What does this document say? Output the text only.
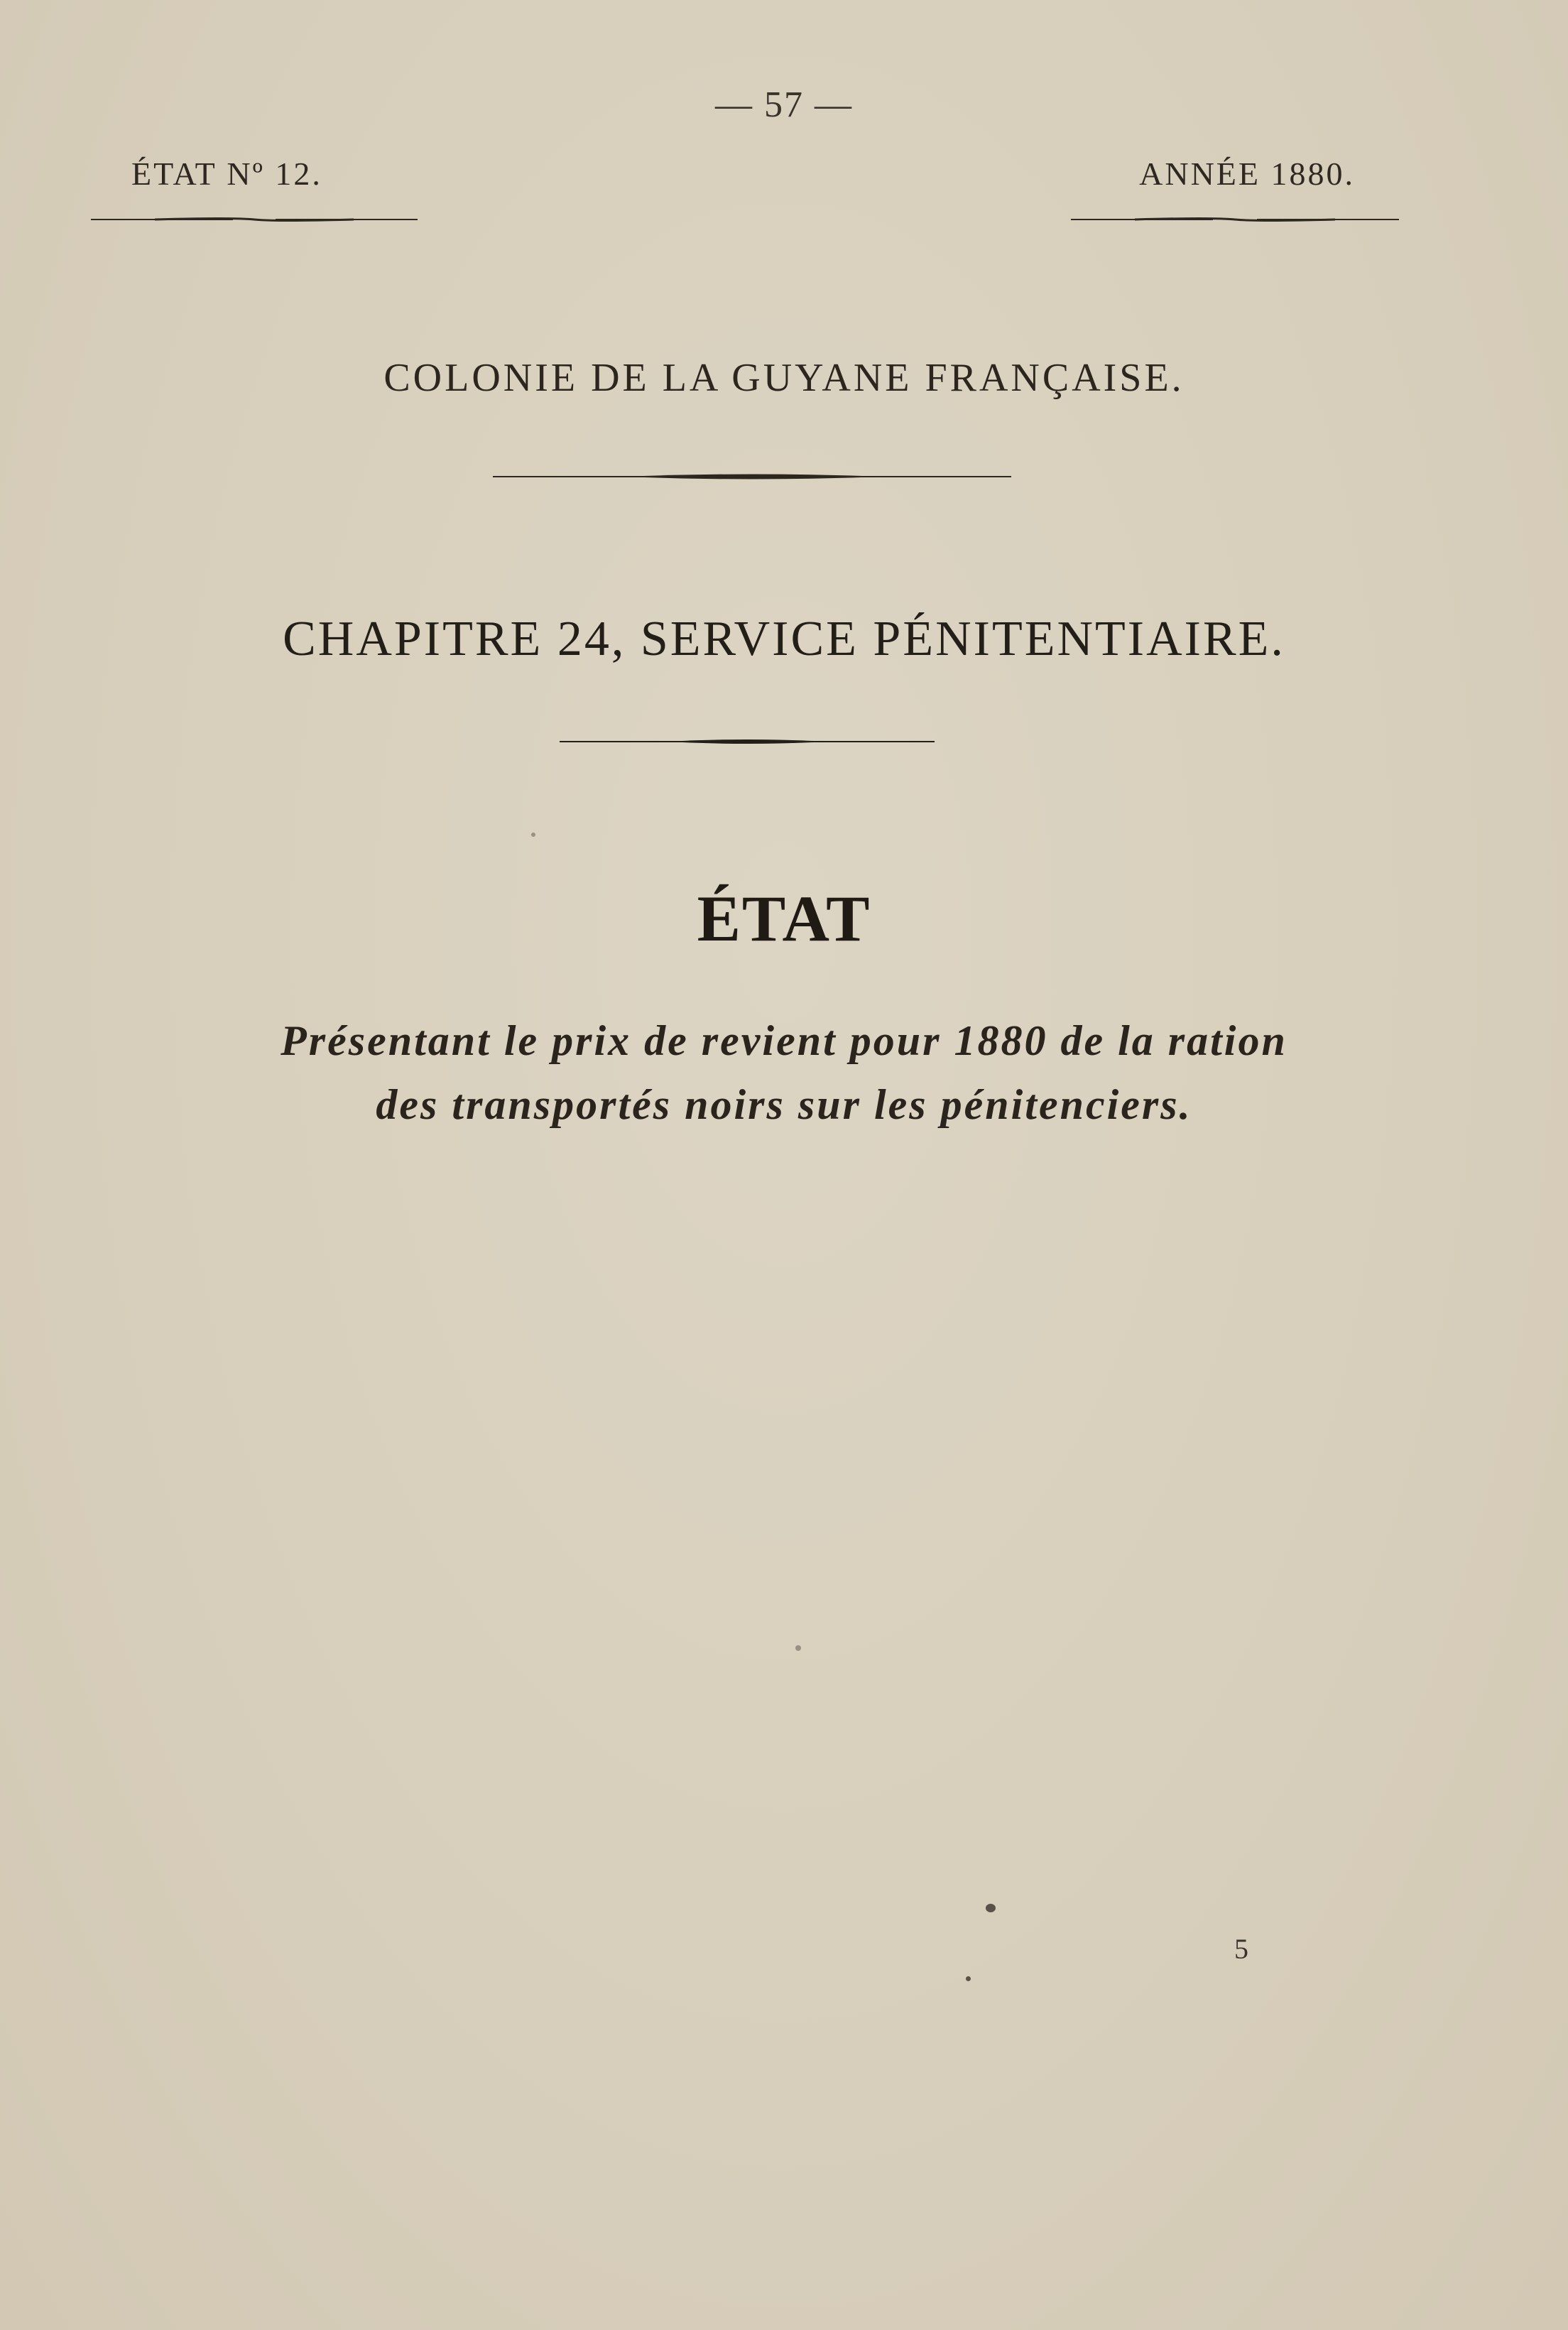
— 57 —
ÉTAT Nº 12.	ANNÉE 1880.
COLONIE DE LA GUYANE FRANÇAISE.
CHAPITRE 24, SERVICE PÉNITENTIAIRE.
ÉTAT
Présentant le prix de revient pour 1880 de la ration
des transportés noirs sur les pénitenciers.
5
